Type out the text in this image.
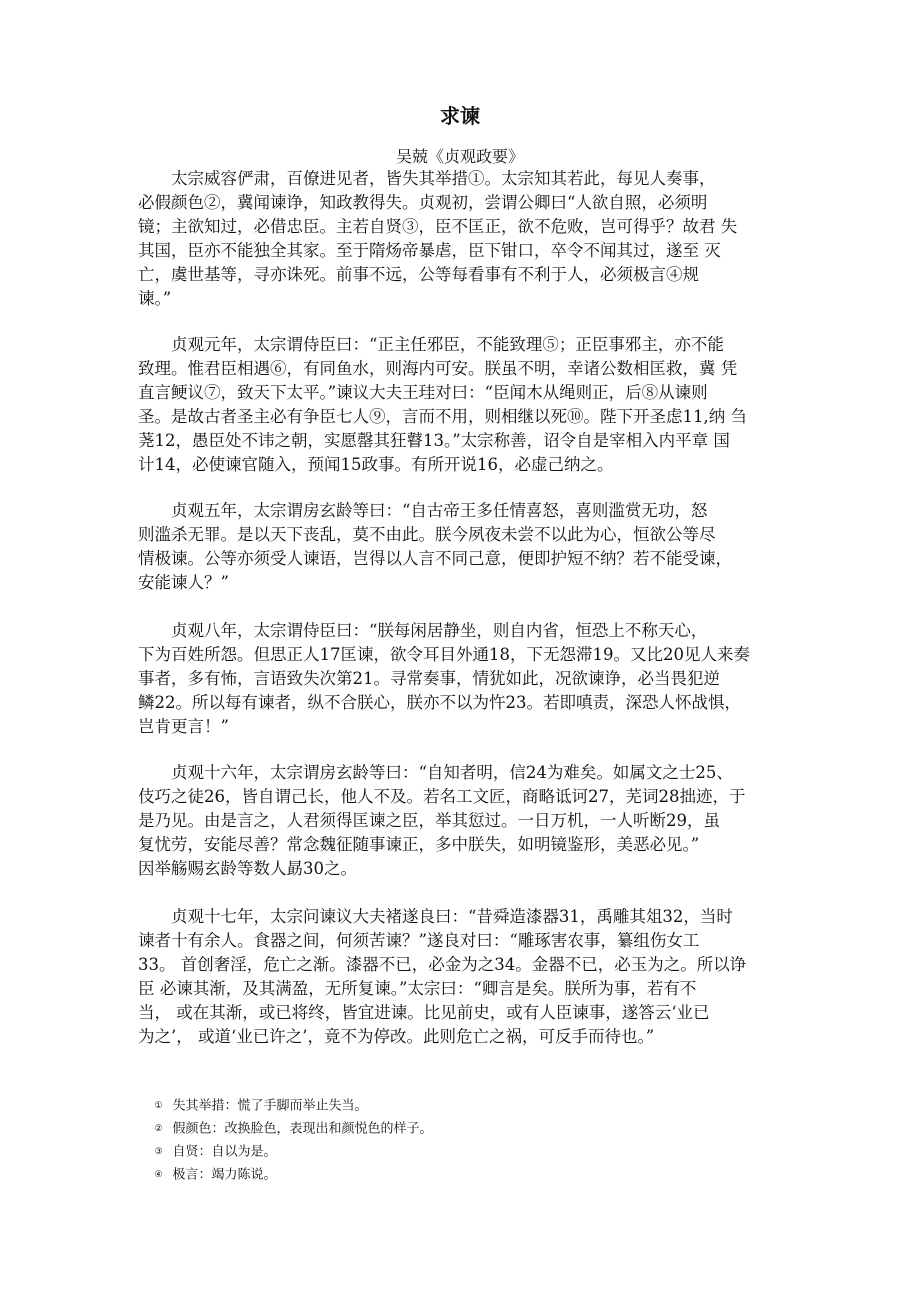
求谏
吴兢《贞观政要》
　　太宗威容俨肃，百僚进见者，皆失其举措①。太宗知其若此，每见人奏事，
必假颜色②，冀闻谏诤，知政教得失。贞观初，尝谓公卿曰“人欲自照，必须明
镜；主欲知过，必借忠臣。主若自贤③，臣不匡正，欲不危败，岂可得乎？故君 失
其国，臣亦不能独全其家。至于隋炀帝暴虐，臣下钳口，卒令不闻其过，遂至 灭
亡，虞世基等，寻亦诛死。前事不远，公等每看事有不利于人，必须极言④规
谏。”
　　贞观元年，太宗谓侍臣曰：“正主任邪臣，不能致理⑤；正臣事邪主，亦不能
致理。惟君臣相遇⑥，有同鱼水，则海内可安。朕虽不明，幸诸公数相匡救，冀 凭
直言鲠议⑦，致天下太平。”谏议大夫王珪对曰：“臣闻木从绳则正，后⑧从谏则
圣。是故古者圣主必有争臣七人⑨，言而不用，则相继以死⑩。陛下开圣虑11,纳 刍
荛12，愚臣处不讳之朝，实愿罄其狂瞽13。”太宗称善，诏令自是宰相入内平章 国
计14，必使谏官随入，预闻15政事。有所开说16，必虚己纳之。
　　贞观五年，太宗谓房玄龄等曰：“自古帝王多任情喜怒，喜则滥赏无功，怒
则滥杀无罪。是以天下丧乱，莫不由此。朕今夙夜未尝不以此为心，恒欲公等尽
情极谏。公等亦须受人谏语，岂得以人言不同己意，便即护短不纳？若不能受谏，
安能谏人？”
　　贞观八年，太宗谓侍臣曰：“朕每闲居静坐，则自内省，恒恐上不称天心，
下为百姓所怨。但思正人17匡谏，欲令耳目外通18，下无怨滞19。又比20见人来奏
事者，多有怖，言语致失次第21。寻常奏事，情犹如此，况欲谏诤，必当畏犯逆
鳞22。所以每有谏者，纵不合朕心，朕亦不以为忤23。若即嗔责，深恐人怀战惧，
岂肯更言！”
　　贞观十六年，太宗谓房玄龄等曰：“自知者明，信24为难矣。如属文之士25、
伎巧之徒26，皆自谓己长，他人不及。若名工文匠，商略诋诃27，芜词28拙迹，于
是乃见。由是言之，人君须得匡谏之臣，举其愆过。一日万机，一人听断29，虽
复忧劳，安能尽善？常念魏征随事谏正，多中朕失，如明镜鉴形，美恶必见。”
因举觞赐玄龄等数人勗30之。
　　贞观十七年，太宗问谏议大夫褚遂良曰：“昔舜造漆器31，禹雕其俎32，当时
谏者十有余人。食器之间，何须苦谏？”遂良对曰：“雕琢害农事，纂组伤女工
33。 首创奢淫，危亡之渐。漆器不已，必金为之34。金器不已，必玉为之。所以诤
臣 必谏其渐，及其满盈，无所复谏。”太宗曰：“卿言是矣。朕所为事，若有不
当， 或在其渐，或已将终，皆宜进谏。比见前史，或有人臣谏事，遂答云‘业已
为之’， 或道‘业已许之’，竟不为停改。此则危亡之祸，可反手而待也。”

① 失其举措：慌了手脚而举止失当。

② 假颜色：改换脸色，表现出和颜悦色的样子。

③ 自贤：自以为是。

④ 极言：竭力陈说。
